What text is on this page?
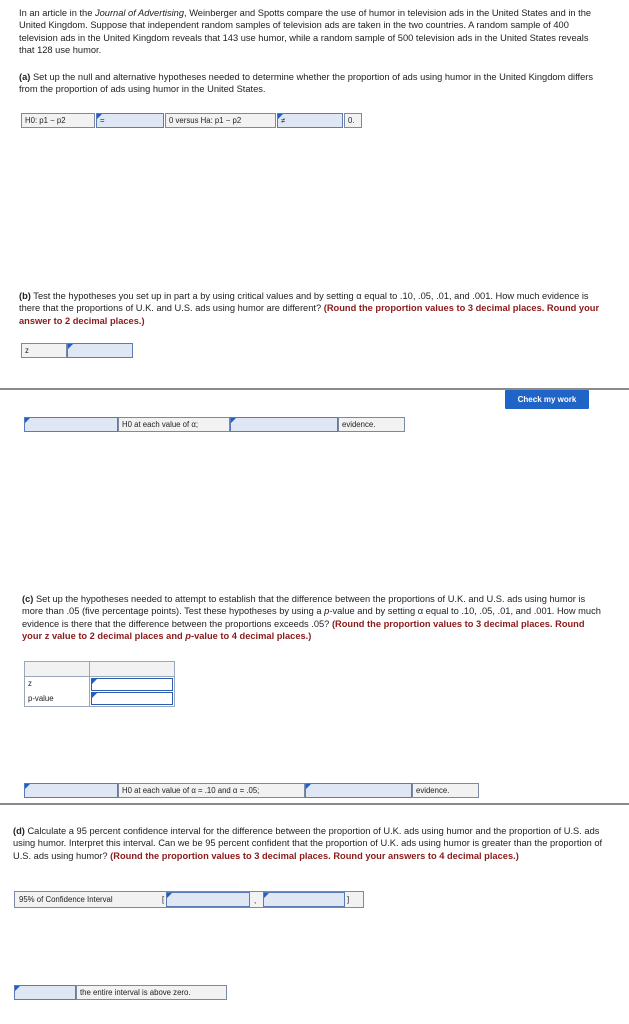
In an article in the Journal of Advertising, Weinberger and Spotts compare the use of humor in television ads in the United States and in the United Kingdom. Suppose that independent random samples of television ads are taken in the two countries. A random sample of 400 television ads in the United Kingdom reveals that 143 use humor, while a random sample of 500 television ads in the United States reveals that 128 use humor.

(a) Set up the null and alternative hypotheses needed to determine whether the proportion of ads using humor in the United Kingdom differs from the proportion of ads using humor in the United States.

H0: p1 − p2	=	0 versus Ha: p1 − p2	≠	0.

(b) Test the hypotheses you set up in part a by using critical values and by setting α equal to .10, .05, .01, and .001. How much evidence is there that the proportions of U.K. and U.S. ads using humor are different? (Round the proportion values to 3 decimal places. Round your answer to 2 decimal places.)

z
Check my work
H0 at each value of α;	evidence.

(c) Set up the hypotheses needed to attempt to establish that the difference between the proportions of U.K. and U.S. ads using humor is more than .05 (five percentage points). Test these hypotheses by using a p-value and by setting α equal to .10, .05, .01, and .001. How much evidence is there that the difference between the proportions exceeds .05? (Round the proportion values to 3 decimal places. Round your z value to 2 decimal places and p-value to 4 decimal places.)

z
p-value
H0 at each value of α = .10 and α = .05;	evidence.

(d) Calculate a 95 percent confidence interval for the difference between the proportion of U.K. ads using humor and the proportion of U.S. ads using humor. Interpret this interval. Can we be 95 percent confident that the proportion of U.K. ads using humor is greater than the proportion of U.S. ads using humor? (Round the proportion values to 3 decimal places. Round your answers to 4 decimal places.)

95% of Confidence Interval	[	,	]
the entire interval is above zero.
